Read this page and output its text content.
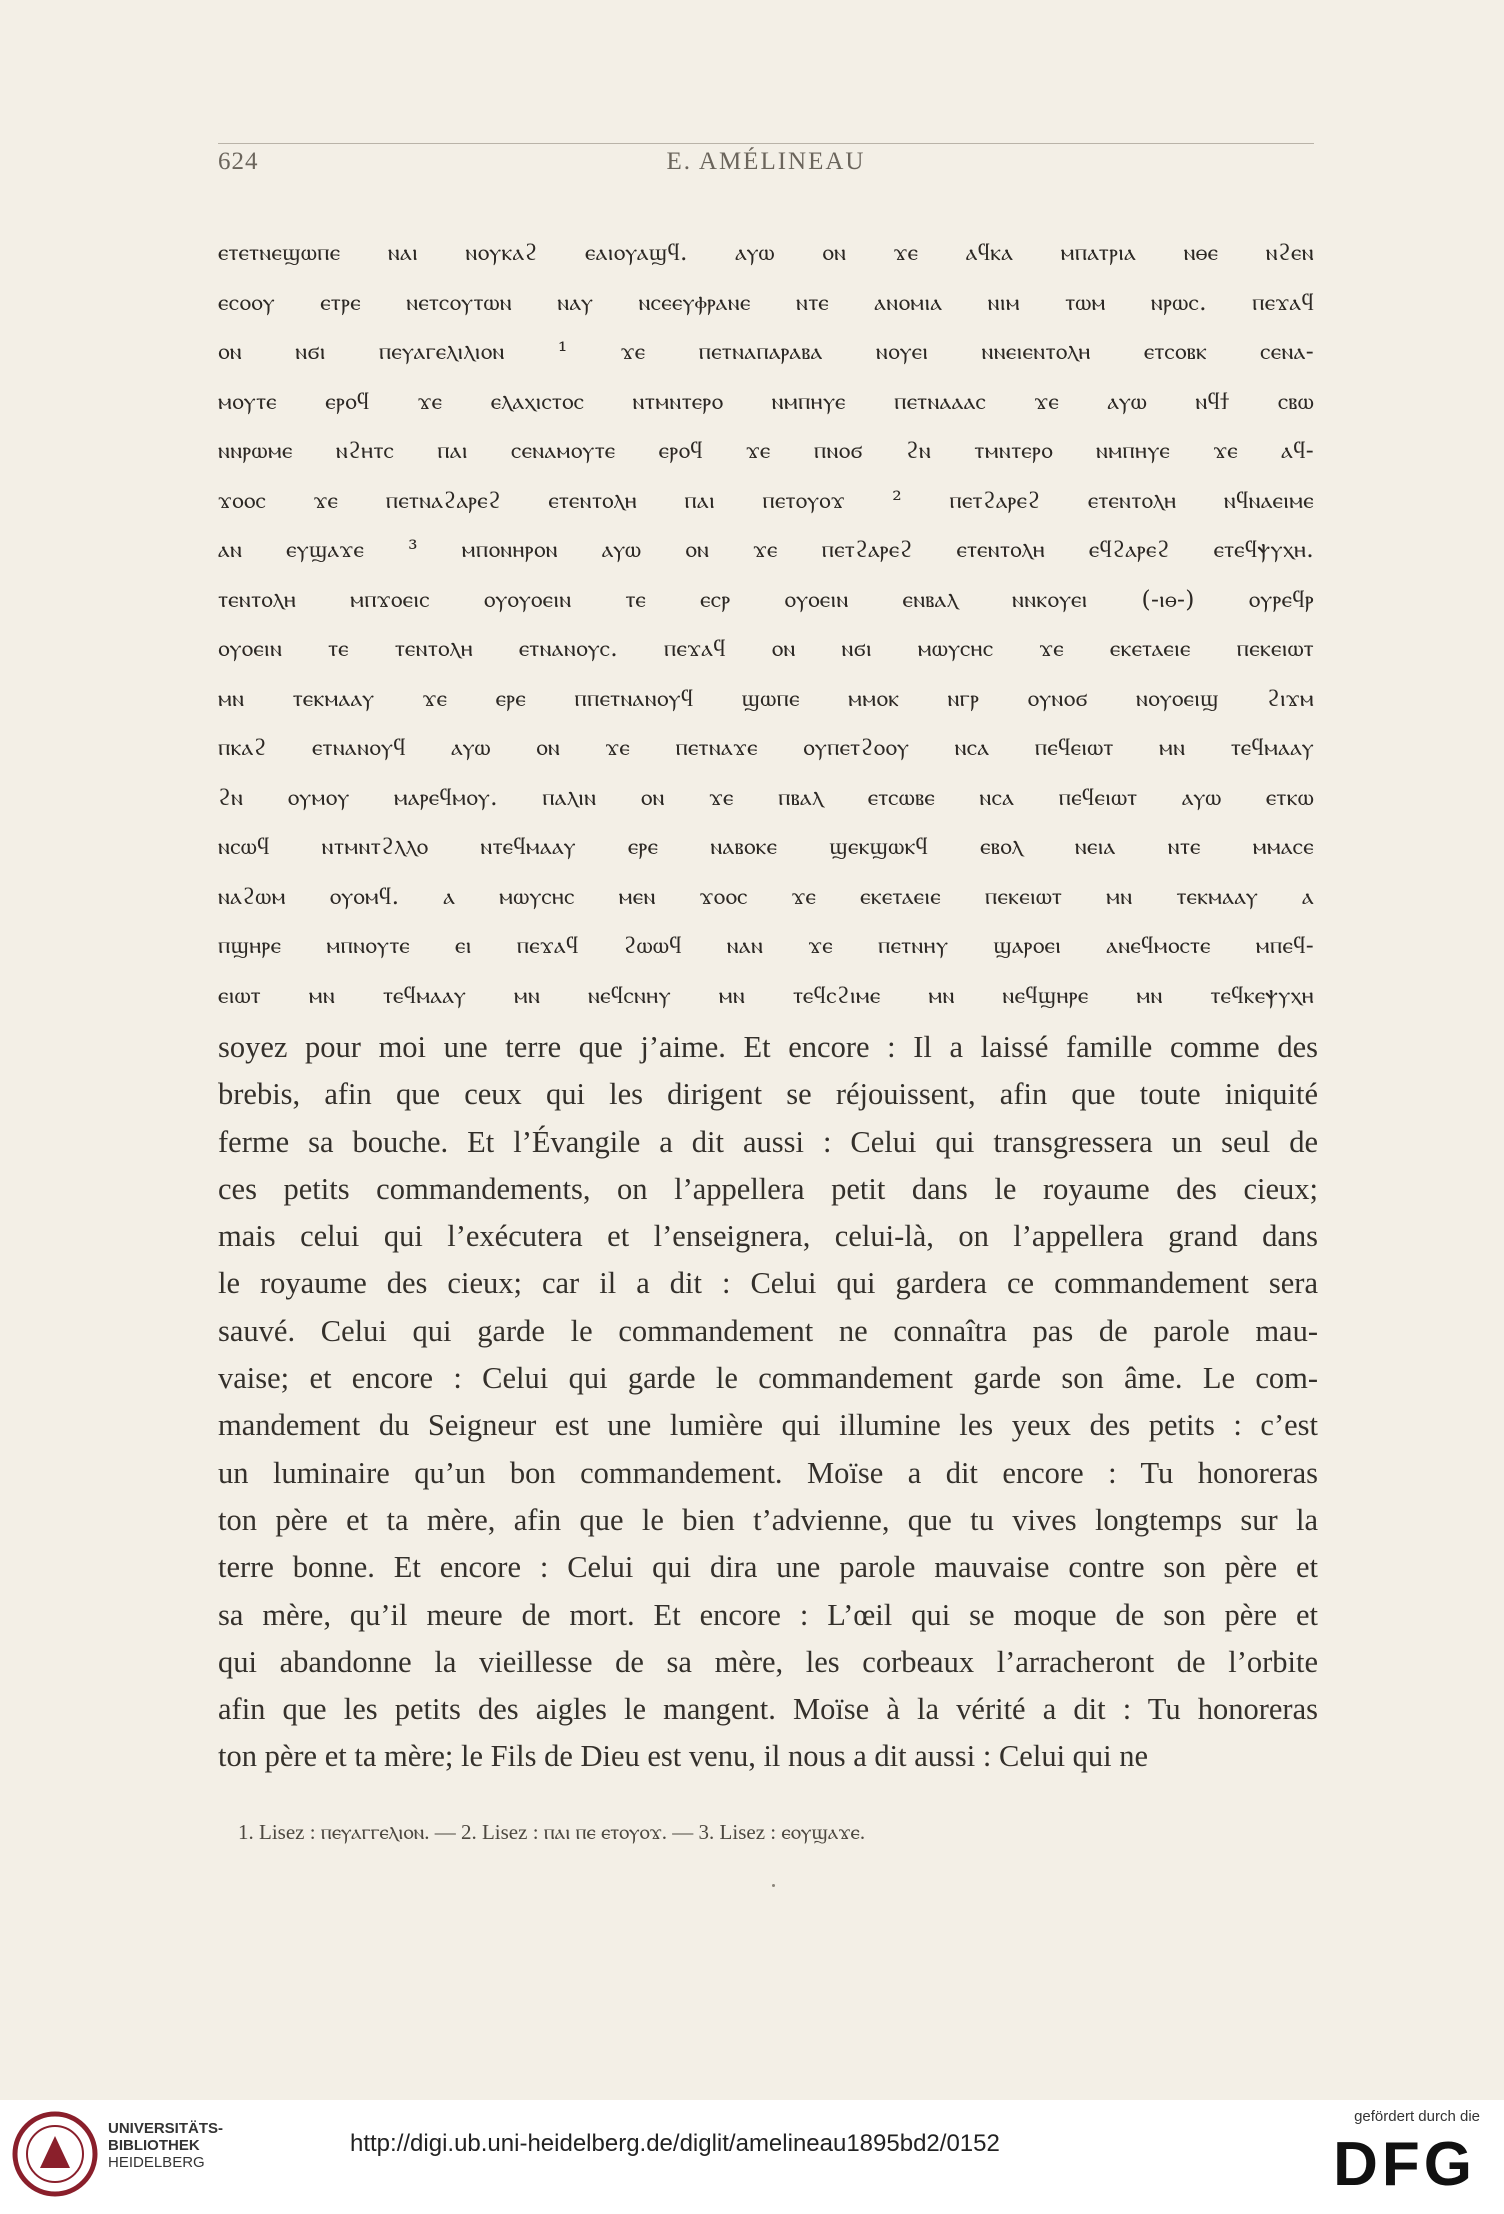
624	E. AMÉLINEAU
ⲉⲧⲉⲧⲛⲉϣⲱⲡⲉ ⲛⲁⲓ ⲛⲟⲩⲕⲁϩ ⲉⲁⲓⲟⲩⲁϣϥ. ⲁⲩⲱ ⲟⲛ ϫⲉ ⲁϥⲕⲁ ⲙⲡⲁⲧⲣⲓⲁ ⲛⲑⲉ ⲛϩⲉⲛ
ⲉⲥⲟⲟⲩ ⲉⲧⲣⲉ ⲛⲉⲧⲥⲟⲩⲧⲱⲛ ⲛⲁⲩ ⲛⲥⲉⲉⲩⲫⲣⲁⲛⲉ ⲛⲧⲉ ⲁⲛⲟⲙⲓⲁ ⲛⲓⲙ ⲧⲱⲙ ⲛⲣⲱⲥ. ⲡⲉϫⲁϥ
ⲟⲛ ⲛϭⲓ ⲡⲉⲩⲁⲅⲉⲗⲓⲗⲓⲟⲛ ¹ ϫⲉ ⲡⲉⲧⲛⲁⲡⲁⲣⲁⲃⲁ ⲛⲟⲩⲉⲓ ⲛⲛⲉⲓⲉⲛⲧⲟⲗⲏ ⲉⲧⲥⲟⲃⲕ ⲥⲉⲛⲁ-
ⲙⲟⲩⲧⲉ ⲉⲣⲟϥ ϫⲉ ⲉⲗⲁⲭⲓⲥⲧⲟⲥ ⲛⲧⲙⲛⲧⲉⲣⲟ ⲛⲙⲡⲏⲩⲉ ⲡⲉⲧⲛⲁⲁⲁⲥ ϫⲉ ⲁⲩⲱ ⲛϥϯ ⲥⲃⲱ
ⲛⲛⲣⲱⲙⲉ ⲛϩⲏⲧⲥ ⲡⲁⲓ ⲥⲉⲛⲁⲙⲟⲩⲧⲉ ⲉⲣⲟϥ ϫⲉ ⲡⲛⲟϭ ϩⲛ ⲧⲙⲛⲧⲉⲣⲟ ⲛⲙⲡⲏⲩⲉ ϫⲉ ⲁϥ-
ϫⲟⲟⲥ ϫⲉ ⲡⲉⲧⲛⲁϩⲁⲣⲉϩ ⲉⲧⲉⲛⲧⲟⲗⲏ ⲡⲁⲓ ⲡⲉⲧⲟⲩⲟϫ ² ⲡⲉⲧϩⲁⲣⲉϩ ⲉⲧⲉⲛⲧⲟⲗⲏ ⲛϥⲛⲁⲉⲓⲙⲉ
ⲁⲛ ⲉⲩϣⲁϫⲉ ³ ⲙⲡⲟⲛⲏⲣⲟⲛ ⲁⲩⲱ ⲟⲛ ϫⲉ ⲡⲉⲧϩⲁⲣⲉϩ ⲉⲧⲉⲛⲧⲟⲗⲏ ⲉϥϩⲁⲣⲉϩ ⲉⲧⲉϥⲯⲩⲭⲏ.
ⲧⲉⲛⲧⲟⲗⲏ ⲙⲡϫⲟⲉⲓⲥ ⲟⲩⲟⲩⲟⲉⲓⲛ ⲧⲉ ⲉⲥⲣ ⲟⲩⲟⲉⲓⲛ ⲉⲛⲃⲁⲗ ⲛⲛⲕⲟⲩⲉⲓ (-ⲓⲑ-) ⲟⲩⲣⲉϥⲣ
ⲟⲩⲟⲉⲓⲛ ⲧⲉ ⲧⲉⲛⲧⲟⲗⲏ ⲉⲧⲛⲁⲛⲟⲩⲥ. ⲡⲉϫⲁϥ ⲟⲛ ⲛϭⲓ ⲙⲱⲩⲥⲏⲥ ϫⲉ ⲉⲕⲉⲧⲁⲉⲓⲉ ⲡⲉⲕⲉⲓⲱⲧ
ⲙⲛ ⲧⲉⲕⲙⲁⲁⲩ ϫⲉ ⲉⲣⲉ ⲡⲡⲉⲧⲛⲁⲛⲟⲩϥ ϣⲱⲡⲉ ⲙⲙⲟⲕ ⲛⲅⲣ ⲟⲩⲛⲟϭ ⲛⲟⲩⲟⲉⲓϣ ϩⲓϫⲙ
ⲡⲕⲁϩ ⲉⲧⲛⲁⲛⲟⲩϥ ⲁⲩⲱ ⲟⲛ ϫⲉ ⲡⲉⲧⲛⲁϫⲉ ⲟⲩⲡⲉⲧϩⲟⲟⲩ ⲛⲥⲁ ⲡⲉϥⲉⲓⲱⲧ ⲙⲛ ⲧⲉϥⲙⲁⲁⲩ
ϩⲛ ⲟⲩⲙⲟⲩ ⲙⲁⲣⲉϥⲙⲟⲩ. ⲡⲁⲗⲓⲛ ⲟⲛ ϫⲉ ⲡⲃⲁⲗ ⲉⲧⲥⲱⲃⲉ ⲛⲥⲁ ⲡⲉϥⲉⲓⲱⲧ ⲁⲩⲱ ⲉⲧⲕⲱ
ⲛⲥⲱϥ ⲛⲧⲙⲛⲧϩⲗⲗⲟ ⲛⲧⲉϥⲙⲁⲁⲩ ⲉⲣⲉ ⲛⲁⲃⲟⲕⲉ ϣⲉⲕϣⲱⲕϥ ⲉⲃⲟⲗ ⲛⲉⲓⲁ ⲛⲧⲉ ⲙⲙⲁⲥⲉ
ⲛⲁϩⲱⲙ ⲟⲩⲟⲙϥ. ⲁ ⲙⲱⲩⲥⲏⲥ ⲙⲉⲛ ϫⲟⲟⲥ ϫⲉ ⲉⲕⲉⲧⲁⲉⲓⲉ ⲡⲉⲕⲉⲓⲱⲧ ⲙⲛ ⲧⲉⲕⲙⲁⲁⲩ ⲁ
ⲡϣⲏⲣⲉ ⲙⲡⲛⲟⲩⲧⲉ ⲉⲓ ⲡⲉϫⲁϥ ϩⲱⲱϥ ⲛⲁⲛ ϫⲉ ⲡⲉⲧⲛⲏⲩ ϣⲁⲣⲟⲉⲓ ⲁⲛⲉϥⲙⲟⲥⲧⲉ ⲙⲡⲉϥ-
ⲉⲓⲱⲧ ⲙⲛ ⲧⲉϥⲙⲁⲁⲩ ⲙⲛ ⲛⲉϥⲥⲛⲏⲩ ⲙⲛ ⲧⲉϥⲥϩⲓⲙⲉ ⲙⲛ ⲛⲉϥϣⲏⲣⲉ ⲙⲛ ⲧⲉϥⲕⲉⲯⲩⲭⲏ
soyez pour moi une terre que j’aime. Et encore : Il a laissé famille comme des
brebis, afin que ceux qui les dirigent se réjouissent, afin que toute iniquité
ferme sa bouche. Et l’Évangile a dit aussi : Celui qui transgressera un seul de
ces petits commandements, on l’appellera petit dans le royaume des cieux;
mais celui qui l’exécutera et l’enseignera, celui-là, on l’appellera grand dans
le royaume des cieux; car il a dit : Celui qui gardera ce commandement sera
sauvé. Celui qui garde le commandement ne connaîtra pas de parole mau-
vaise; et encore : Celui qui garde le commandement garde son âme. Le com-
mandement du Seigneur est une lumière qui illumine les yeux des petits : c’est
un luminaire qu’un bon commandement. Moïse a dit encore : Tu honoreras
ton père et ta mère, afin que le bien t’advienne, que tu vives longtemps sur la
terre bonne. Et encore : Celui qui dira une parole mauvaise contre son père et
sa mère, qu’il meure de mort. Et encore : L’œil qui se moque de son père et
qui abandonne la vieillesse de sa mère, les corbeaux l’arracheront de l’orbite
afin que les petits des aigles le mangent. Moïse à la vérité a dit : Tu honoreras
ton père et ta mère; le Fils de Dieu est venu, il nous a dit aussi : Celui qui ne
1. Lisez : ⲡⲉⲩⲁⲅⲅⲉⲗⲓⲟⲛ. — 2. Lisez : ⲡⲁⲓ ⲡⲉ ⲉⲧⲟⲩⲟϫ. — 3. Lisez : ⲉⲟⲩϣⲁϫⲉ.
UNIVERSITÄTS-
BIBLIOTHEK
HEIDELBERG
http://digi.ub.uni-heidelberg.de/diglit/amelineau1895bd2/0152
gefördert durch die
DFG
